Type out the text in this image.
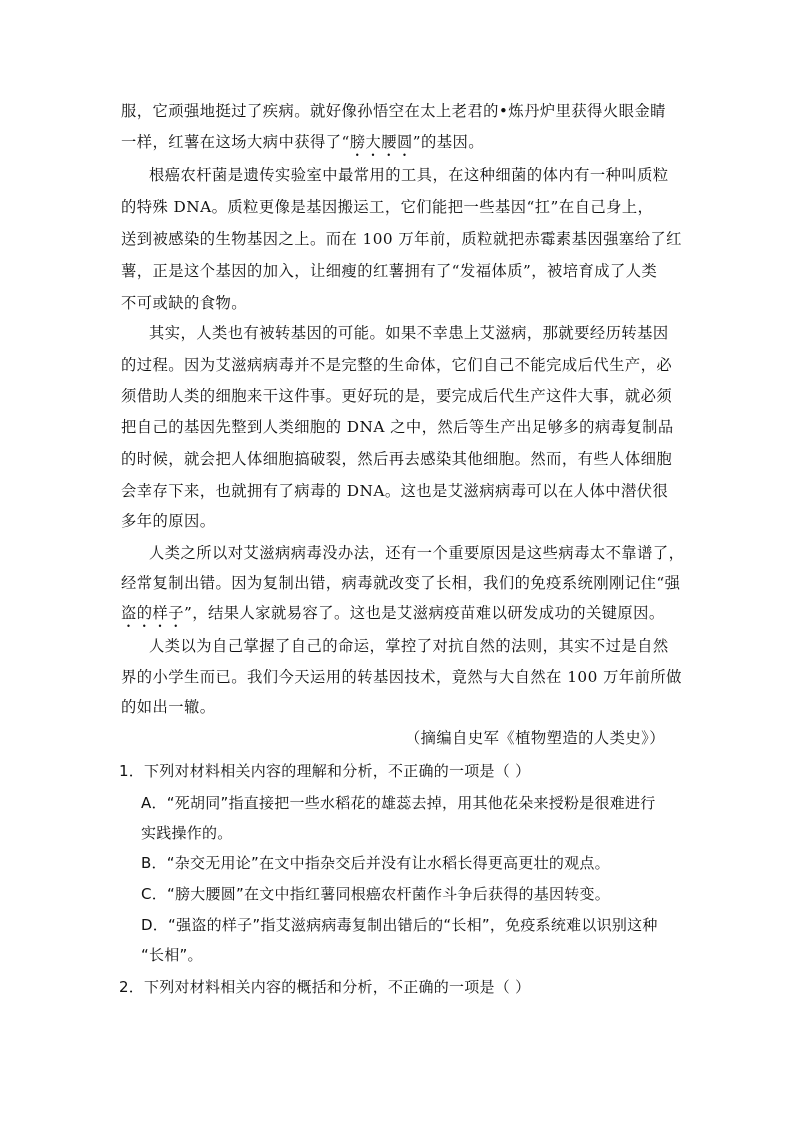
服，它顽强地挺过了疾病。就好像孙悟空在太上老君的•炼丹炉里获得火眼金睛
一样，红薯在这场大病中获得了“膀大腰圆”的基因。
根癌农杆菌是遗传实验室中最常用的工具，在这种细菌的体内有一种叫质粒
的特殊 DNA。质粒更像是基因搬运工，它们能把一些基因“扛”在自己身上，
送到被感染的生物基因之上。而在 100 万年前，质粒就把赤霉素基因强塞给了红
薯，正是这个基因的加入，让细瘦的红薯拥有了“发福体质”，被培育成了人类
不可或缺的食物。
其实，人类也有被转基因的可能。如果不幸患上艾滋病，那就要经历转基因
的过程。因为艾滋病病毒并不是完整的生命体，它们自己不能完成后代生产，必
须借助人类的细胞来干这件事。更好玩的是，要完成后代生产这件大事，就必须
把自己的基因先整到人类细胞的 DNA 之中，然后等生产出足够多的病毒复制品
的时候，就会把人体细胞搞破裂，然后再去感染其他细胞。然而，有些人体细胞
会幸存下来，也就拥有了病毒的 DNA。这也是艾滋病病毒可以在人体中潜伏很
多年的原因。
人类之所以对艾滋病病毒没办法，还有一个重要原因是这些病毒太不靠谱了，
经常复制出错。因为复制出错，病毒就改变了长相，我们的免疫系统刚刚记住“强
盗的样子”，结果人家就易容了。这也是艾滋病疫苗难以研发成功的关键原因。
人类以为自己掌握了自己的命运，掌控了对抗自然的法则，其实不过是自然
界的小学生而已。我们今天运用的转基因技术，竟然与大自然在 100 万年前所做
的如出一辙。
（摘编自史军《植物塑造的人类史》）
1．下列对材料相关内容的理解和分析，不正确的一项是（ ）
A．“死胡同”指直接把一些水稻花的雄蕊去掉，用其他花朵来授粉是很难进行
实践操作的。
B．“杂交无用论”在文中指杂交后并没有让水稻长得更高更壮的观点。
C．“膀大腰圆”在文中指红薯同根癌农杆菌作斗争后获得的基因转变。
D．“强盗的样子”指艾滋病病毒复制出错后的“长相”，免疫系统难以识别这种
“长相”。
2．下列对材料相关内容的概括和分析，不正确的一项是（ ）
